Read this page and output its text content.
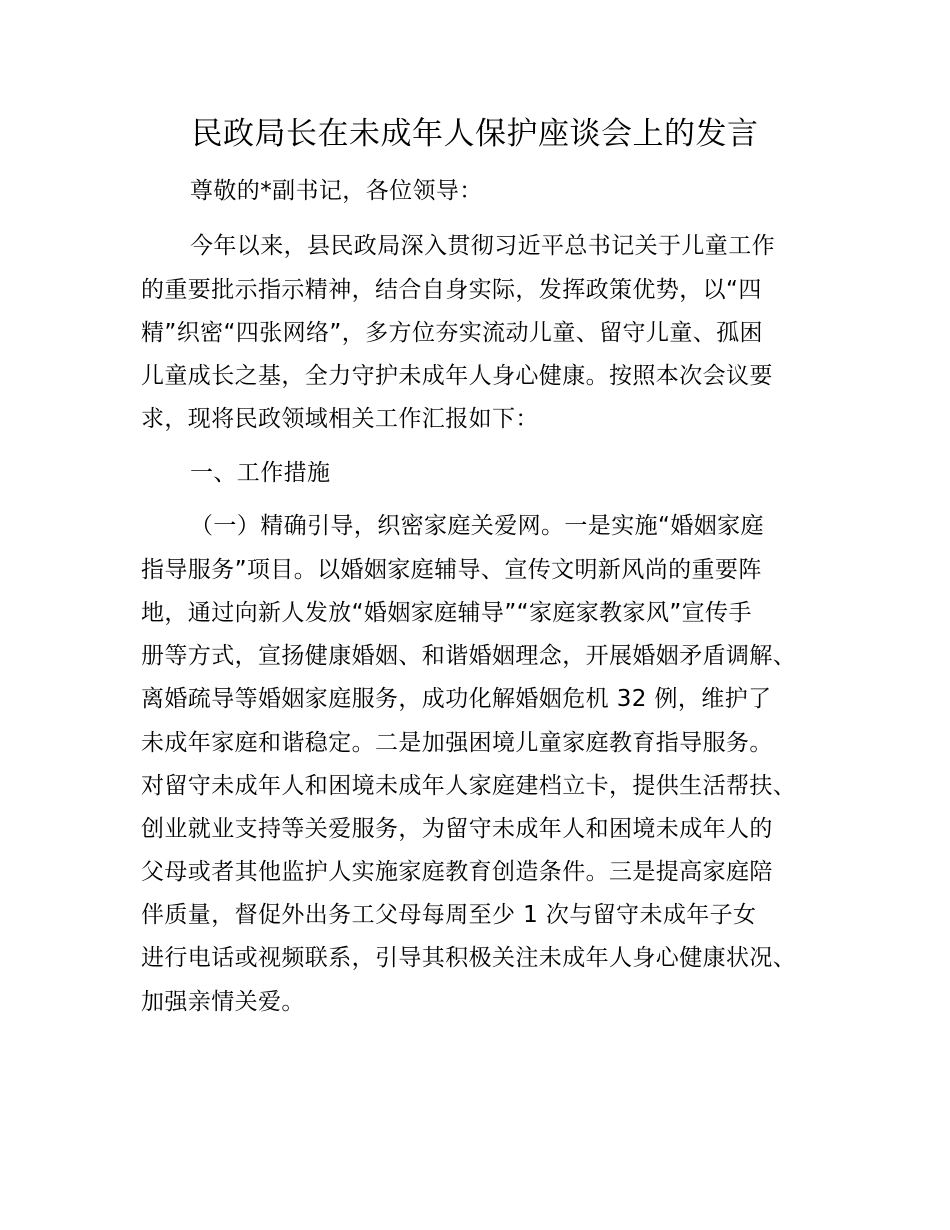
民政局长在未成年人保护座谈会上的发言
尊敬的*副书记，各位领导：
今年以来，县民政局深入贯彻习近平总书记关于儿童工作
的重要批示指示精神，结合自身实际，发挥政策优势，以“四
精”织密“四张网络”，多方位夯实流动儿童、留守儿童、孤困
儿童成长之基，全力守护未成年人身心健康。按照本次会议要
求，现将民政领域相关工作汇报如下：
一、工作措施
（一）精确引导，织密家庭关爱网。一是实施“婚姻家庭
指导服务”项目。以婚姻家庭辅导、宣传文明新风尚的重要阵
地，通过向新人发放“婚姻家庭辅导”“家庭家教家风”宣传手
册等方式，宣扬健康婚姻、和谐婚姻理念，开展婚姻矛盾调解、
离婚疏导等婚姻家庭服务，成功化解婚姻危机 32 例，维护了
未成年家庭和谐稳定。二是加强困境儿童家庭教育指导服务。
对留守未成年人和困境未成年人家庭建档立卡，提供生活帮扶、
创业就业支持等关爱服务，为留守未成年人和困境未成年人的
父母或者其他监护人实施家庭教育创造条件。三是提高家庭陪
伴质量，督促外出务工父母每周至少 1 次与留守未成年子女
进行电话或视频联系，引导其积极关注未成年人身心健康状况、
加强亲情关爱。
